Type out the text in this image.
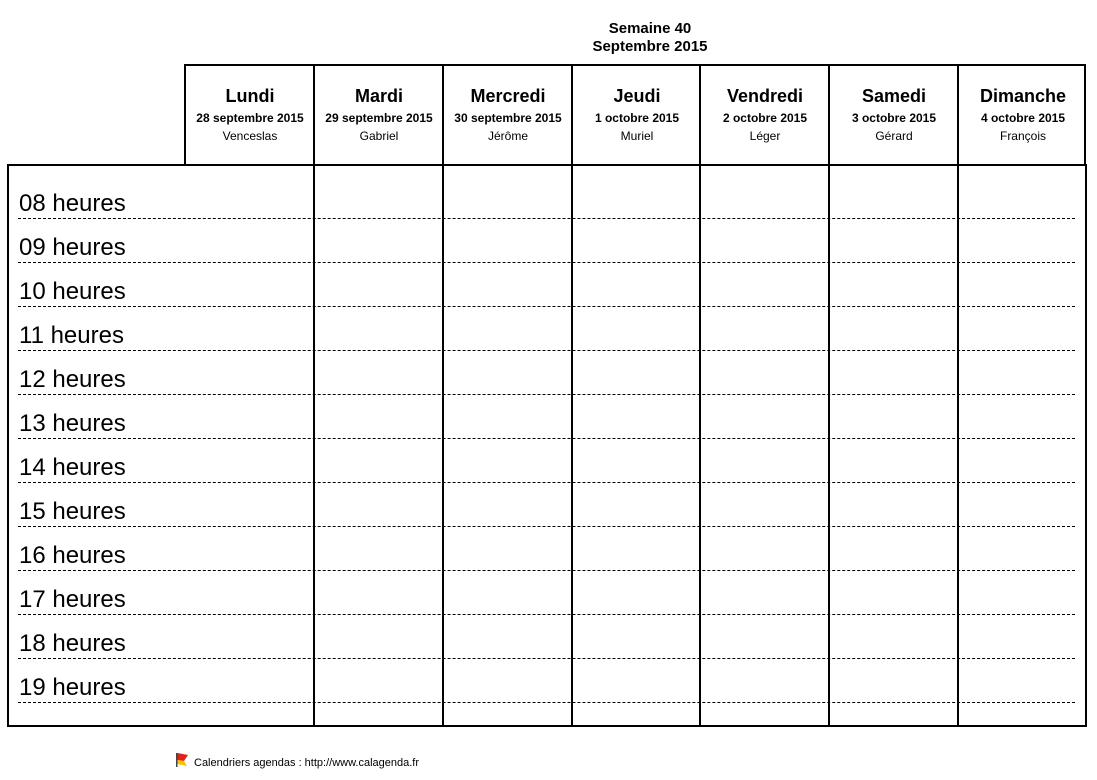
Semaine 40
Septembre 2015
Lundi
28 septembre 2015
Venceslas
Mardi
29 septembre 2015
Gabriel
Mercredi
30 septembre 2015
Jérôme
Jeudi
1 octobre 2015
Muriel
Vendredi
2 octobre 2015
Léger
Samedi
3 octobre 2015
Gérard
Dimanche
4 octobre 2015
François
08 heures
09 heures
10 heures
11 heures
12 heures
13 heures
14 heures
15 heures
16 heures
17 heures
18 heures
19 heures
Calendriers agendas : http://www.calagenda.fr
